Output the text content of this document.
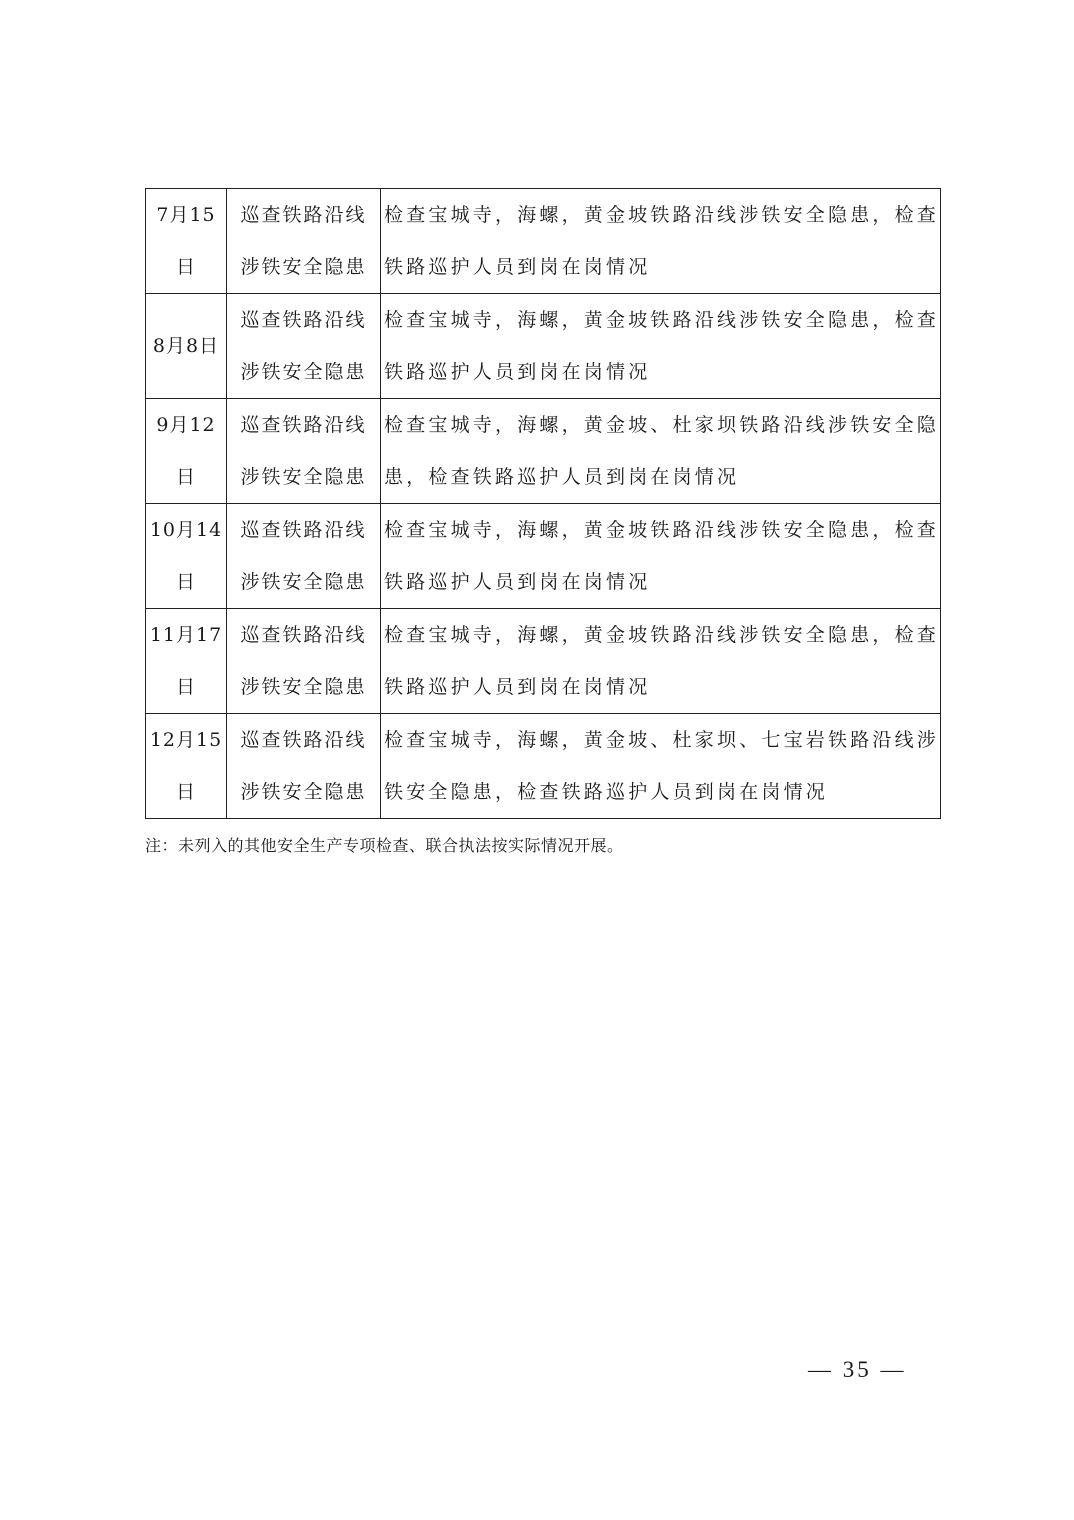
7月15日	巡查铁路沿线涉铁安全隐患	检查宝城寺，海螺，黄金坡铁路沿线涉铁安全隐患，检查铁路巡护人员到岗在岗情况
8月8日	巡查铁路沿线涉铁安全隐患	检查宝城寺，海螺，黄金坡铁路沿线涉铁安全隐患，检查铁路巡护人员到岗在岗情况
9月12日	巡查铁路沿线涉铁安全隐患	检查宝城寺，海螺，黄金坡、杜家坝铁路沿线涉铁安全隐患，检查铁路巡护人员到岗在岗情况
10月14日	巡查铁路沿线涉铁安全隐患	检查宝城寺，海螺，黄金坡铁路沿线涉铁安全隐患，检查铁路巡护人员到岗在岗情况
11月17日	巡查铁路沿线涉铁安全隐患	检查宝城寺，海螺，黄金坡铁路沿线涉铁安全隐患，检查铁路巡护人员到岗在岗情况
12月15日	巡查铁路沿线涉铁安全隐患	检查宝城寺，海螺，黄金坡、杜家坝、七宝岩铁路沿线涉铁安全隐患，检查铁路巡护人员到岗在岗情况
注：未列入的其他安全生产专项检查、联合执法按实际情况开展。
— 35 —
